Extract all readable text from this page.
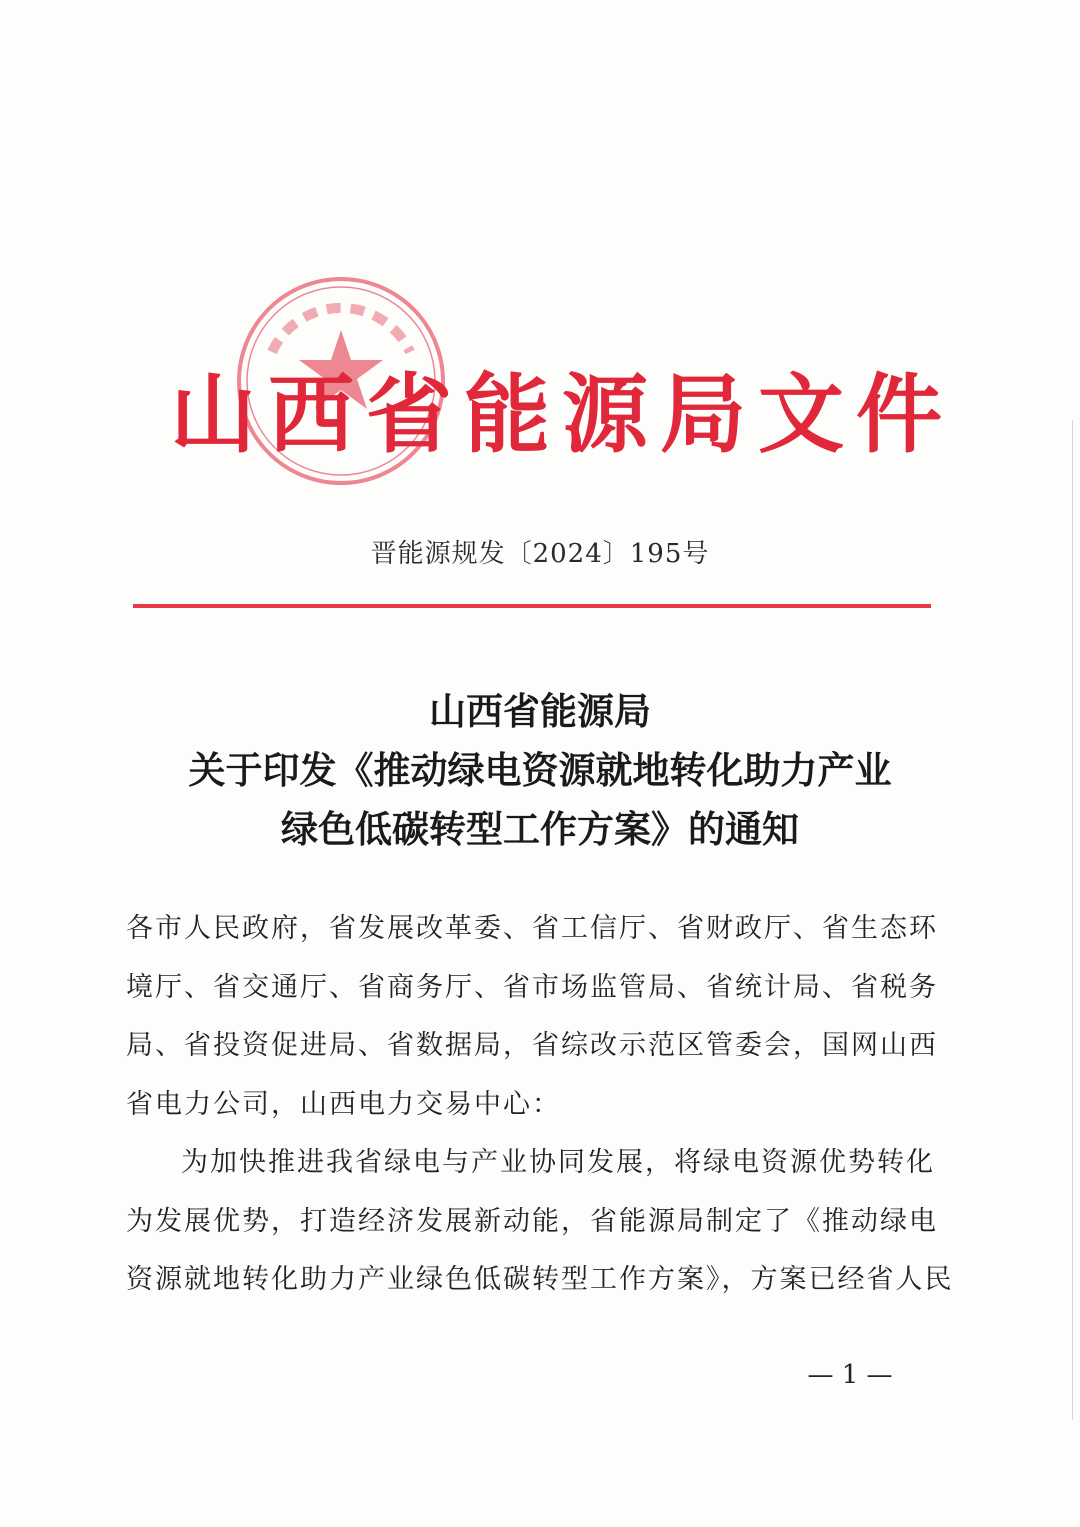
山西省能源局文件
晋能源规发〔2024〕195号
山西省能源局
关于印发《推动绿电资源就地转化助力产业
绿色低碳转型工作方案》的通知
各市人民政府，省发展改革委、省工信厅、省财政厅、省生态环
境厅、省交通厅、省商务厅、省市场监管局、省统计局、省税务
局、省投资促进局、省数据局，省综改示范区管委会，国网山西
省电力公司，山西电力交易中心：
为加快推进我省绿电与产业协同发展，将绿电资源优势转化
为发展优势，打造经济发展新动能，省能源局制定了《推动绿电
资源就地转化助力产业绿色低碳转型工作方案》，方案已经省人民
— 1 —
